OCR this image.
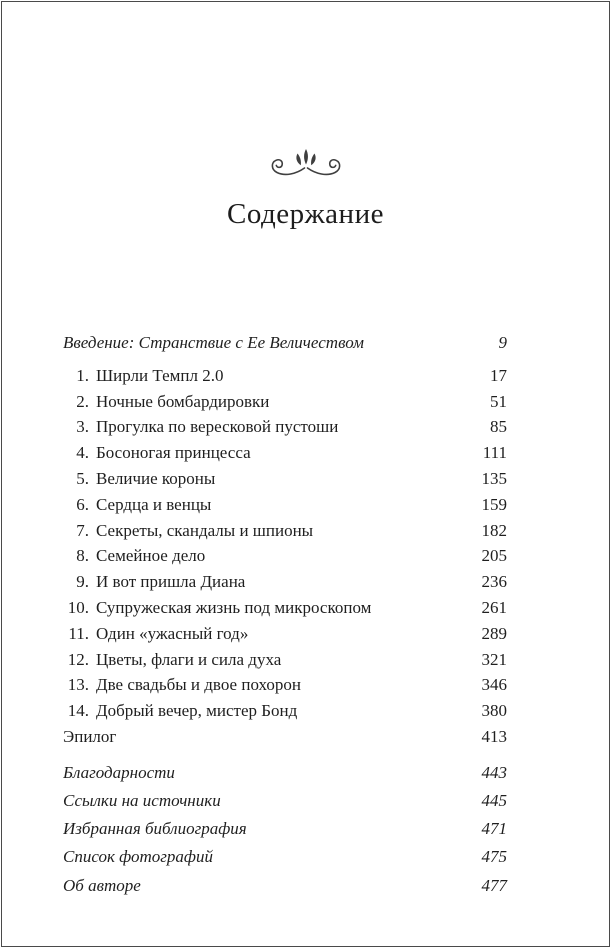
Содержание
Введение: Странствие с Ее Величеством	9
1. Ширли Темпл 2.0	17
2. Ночные бомбардировки	51
3. Прогулка по вересковой пустоши	85
4. Босоногая принцесса	111
5. Величие короны	135
6. Сердца и венцы	159
7. Секреты, скандалы и шпионы	182
8. Семейное дело	205
9. И вот пришла Диана	236
10. Супружеская жизнь под микроскопом	261
11. Один «ужасный год»	289
12. Цветы, флаги и сила духа	321
13. Две свадьбы и двое похорон	346
14. Добрый вечер, мистер Бонд	380
Эпилог	413
Благодарности	443
Ссылки на источники	445
Избранная библиография	471
Список фотографий	475
Об авторе	477
